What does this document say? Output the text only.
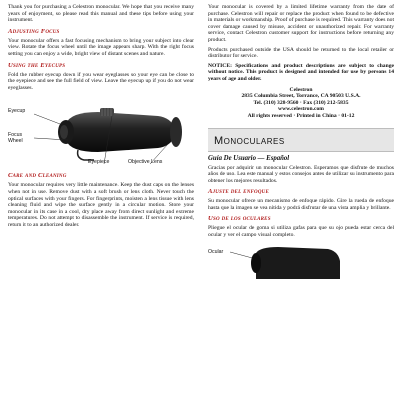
Thank you for purchasing a Celestron monocular. We hope that you receive many years of enjoyment, so please read this manual and these tips before using your instrument.

Adjusting Focus

Your monocular offers a fast focusing mechanism to bring your subject into clear view. Rotate the focus wheel until the image appears sharp. With the right focus setting you can enjoy a wide, bright view of distant scenes and nature.

Using the Eyecups

Fold the rubber eyecup down if you wear eyeglasses so your eye can be close to the eyepiece and see the full field of view. Leave the eyecup up if you do not wear eyeglasses.

Eyecup
Focus Wheel
Eyepiece	Objective Lens
Care and Cleaning

Your monocular requires very little maintenance. Keep the dust caps on the lenses when not in use. Remove dust with a soft brush or lens cloth. Never touch the optical surfaces with your fingers. For fingerprints, moisten a lens tissue with lens cleaning fluid and wipe the surface gently in a circular motion. Store your monocular in its case in a cool, dry place away from direct sunlight and extreme temperatures. Do not attempt to disassemble the instrument. If service is required, return it to an authorized dealer.

Your monocular is covered by a limited lifetime warranty from the date of purchase. Celestron will repair or replace the product when found to be defective in materials or workmanship. Proof of purchase is required. This warranty does not cover damage caused by misuse, accident or unauthorized repair. For warranty service, contact Celestron customer support for instructions before returning any product.

Products purchased outside the USA should be returned to the local retailer or distributor for service.

NOTICE: Specifications and product descriptions are subject to change without notice. This product is designed and intended for use by persons 14 years of age and older.

Celestron

2835 Columbia Street, Torrance, CA 90503 U.S.A.

Tel. (310) 328-9560 · Fax (310) 212-5835

www.celestron.com

All rights reserved · Printed in China · 01-12

Monoculares
Guía De Usuario — Español

Gracias por adquirir un monocular Celestron. Esperamos que disfrute de muchos años de uso. Lea este manual y estos consejos antes de utilizar su instrumento para obtener los mejores resultados.

Ajuste del enfoque

Su monocular ofrece un mecanismo de enfoque rápido. Gire la rueda de enfoque hasta que la imagen se vea nítida y podrá disfrutar de una vista amplia y brillante.

Uso de los oculares

Pliegue el ocular de goma si utiliza gafas para que su ojo pueda estar cerca del ocular y ver el campo visual completo.

Ocular
